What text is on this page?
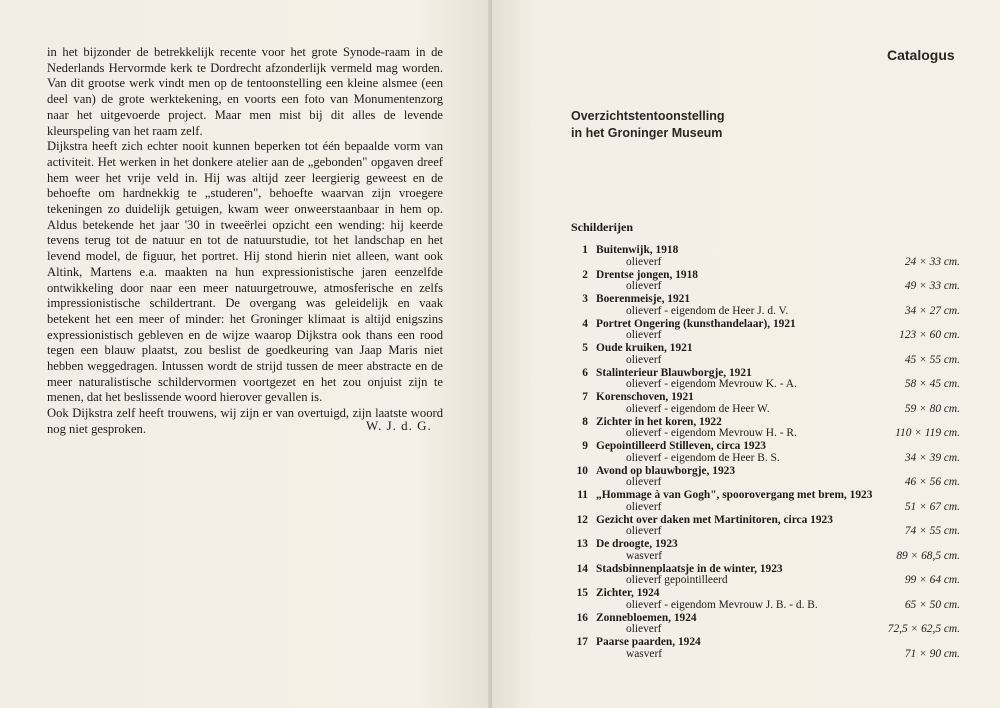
in het bijzonder de betrekkelijk recente voor het grote Synode-raam in de Nederlands Hervormde kerk te Dordrecht afzonderlijk vermeld mag worden. Van dit grootse werk vindt men op de tentoonstelling een kleine alsmee (een deel van) de grote werktekening, en voorts een foto van Monumentenzorg naar het uitgevoerde project. Maar men mist bij dit alles de levende kleurspeling van het raam zelf.

Dijkstra heeft zich echter nooit kunnen beperken tot één bepaalde vorm van activiteit. Het werken in het donkere atelier aan de „gebonden" opgaven dreef hem weer het vrije veld in. Hij was altijd zeer leergierig geweest en de behoefte om hardnekkig te „studeren", behoefte waarvan zijn vroegere tekeningen zo duidelijk getuigen, kwam weer onweerstaanbaar in hem op. Aldus betekende het jaar '30 in tweeërlei opzicht een wending: hij keerde tevens terug tot de natuur en tot de natuurstudie, tot het landschap en het levend model, de figuur, het portret. Hij stond hierin niet alleen, want ook Altink, Martens e.a. maakten na hun expressionistische jaren eenzelfde ontwikkeling door naar een meer natuurgetrouwe, atmosferische en zelfs impressionistische schildertrant. De overgang was geleidelijk en vaak betekent het een meer of minder: het Groninger klimaat is altijd enigszins expressionistisch gebleven en de wijze waarop Dijkstra ook thans een rood tegen een blauw plaatst, zou beslist de goedkeuring van Jaap Maris niet hebben weggedragen. Intussen wordt de strijd tussen de meer abstracte en de meer naturalistische schildervormen voortgezet en het zou onjuist zijn te menen, dat het beslissende woord hierover gevallen is.

Ook Dijkstra zelf heeft trouwens, wij zijn er van overtuigd, zijn laatste woord nog niet gesproken.	W. J. d. G.
Catalogus
Overzichtstentoonstelling
in het Groninger Museum
Schilderijen
1 Buitenwijk, 1918
olieverf	24 × 33 cm.
2 Drentse jongen, 1918
olieverf	49 × 33 cm.
3 Boerenmeisje, 1921
olieverf - eigendom de Heer J. d. V.	34 × 27 cm.
4 Portret Ongering (kunsthandelaar), 1921
olieverf	123 × 60 cm.
5 Oude kruiken, 1921
olieverf	45 × 55 cm.
6 Stalinterieur Blauwborgje, 1921
olieverf - eigendom Mevrouw K. - A.	58 × 45 cm.
7 Korenschoven, 1921
olieverf - eigendom de Heer W.	59 × 80 cm.
8 Zichter in het koren, 1922
olieverf - eigendom Mevrouw H. - R.	110 × 119 cm.
9 Gepointilleerd Stilleven, circa 1923
olieverf - eigendom de Heer B. S.	34 × 39 cm.
10 Avond op blauwborgje, 1923
olieverf	46 × 56 cm.
11 „Hommage à van Gogh", spoorovergang met brem, 1923
olieverf	51 × 67 cm.
12 Gezicht over daken met Martinitoren, circa 1923
olieverf	74 × 55 cm.
13 De droogte, 1923
wasverf	89 × 68,5 cm.
14 Stadsbinnenplaatsje in de winter, 1923
olieverf gepointilleerd	99 × 64 cm.
15 Zichter, 1924
olieverf - eigendom Mevrouw J. B. - d. B.	65 × 50 cm.
16 Zonnebloemen, 1924
olieverf	72,5 × 62,5 cm.
17 Paarse paarden, 1924
wasverf	71 × 90 cm.
